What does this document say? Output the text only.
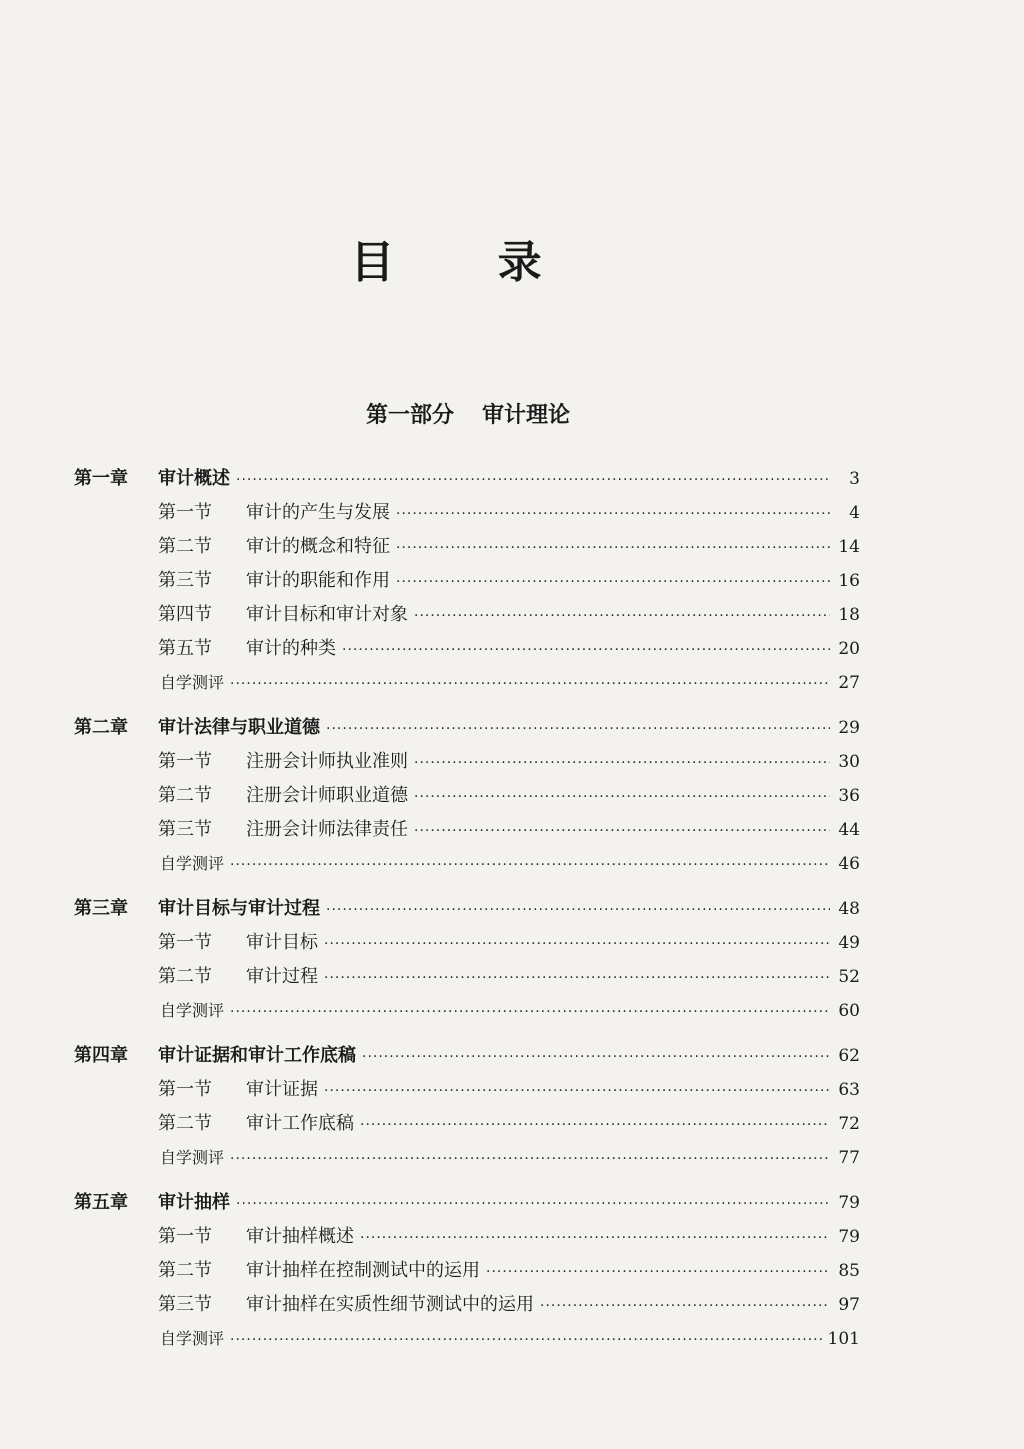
目 录
第一部分 审计理论
第一章	审计概述 ·····	3
第一节	审计的产生与发展 ·····	4
第二节	审计的概念和特征 ·····	14
第三节	审计的职能和作用 ·····	16
第四节	审计目标和审计对象 ·····	18
第五节	审计的种类 ·····	20
自学测评 ·····	27
第二章	审计法律与职业道德 ·····	29
第一节	注册会计师执业准则 ·····	30
第二节	注册会计师职业道德 ·····	36
第三节	注册会计师法律责任 ·····	44
自学测评 ·····	46
第三章	审计目标与审计过程 ·····	48
第一节	审计目标 ·····	49
第二节	审计过程 ·····	52
自学测评 ·····	60
第四章	审计证据和审计工作底稿 ·····	62
第一节	审计证据 ·····	63
第二节	审计工作底稿 ·····	72
自学测评 ·····	77
第五章	审计抽样 ·····	79
第一节	审计抽样概述 ·····	79
第二节	审计抽样在控制测试中的运用 ·····	85
第三节	审计抽样在实质性细节测试中的运用 ·····	97
自学测评 ·····	101
